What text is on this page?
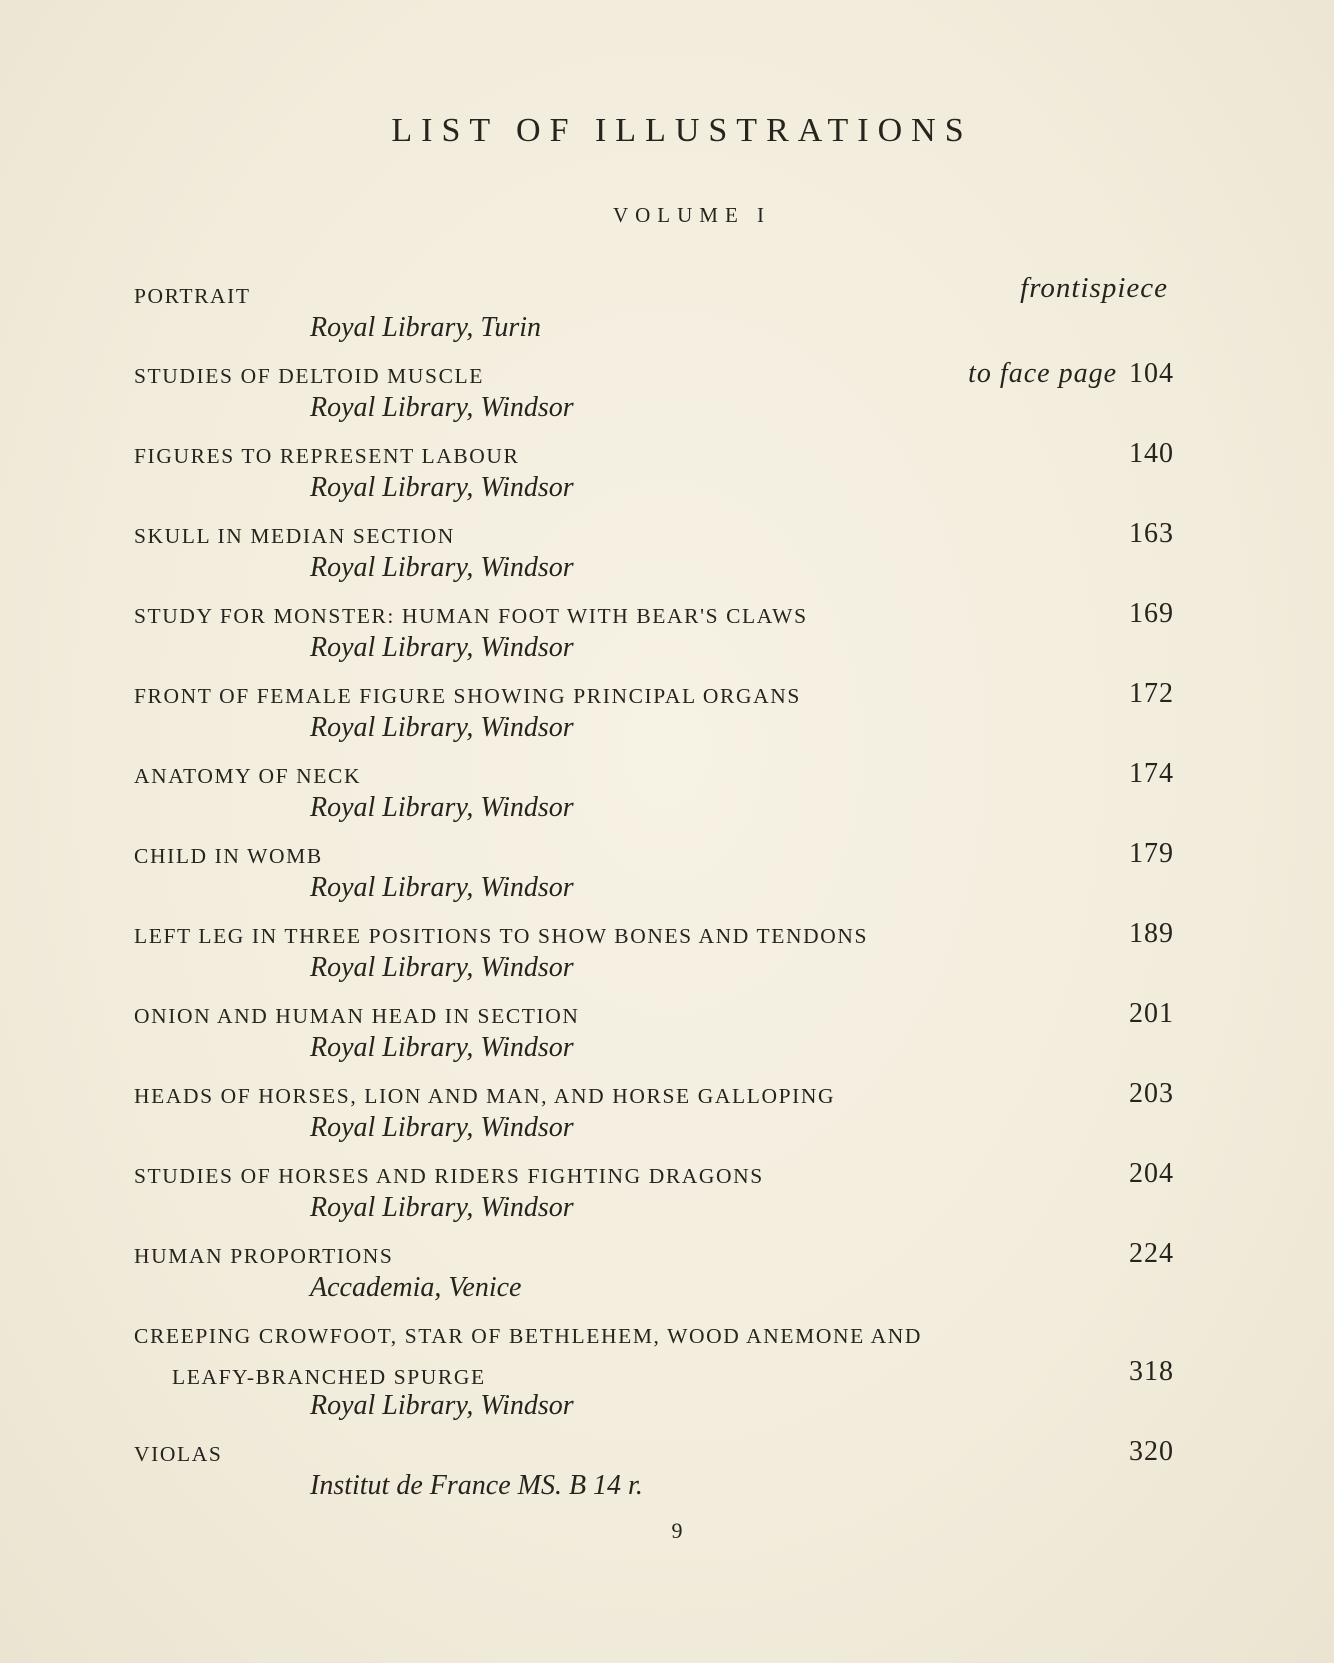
LIST OF ILLUSTRATIONS
VOLUME I
PORTRAIT
Royal Library, Turin
frontispiece
STUDIES OF DELTOID MUSCLE
Royal Library, Windsor
to face page 104
FIGURES TO REPRESENT LABOUR
Royal Library, Windsor
140
SKULL IN MEDIAN SECTION
Royal Library, Windsor
163
STUDY FOR MONSTER: HUMAN FOOT WITH BEAR'S CLAWS
Royal Library, Windsor
169
FRONT OF FEMALE FIGURE SHOWING PRINCIPAL ORGANS
Royal Library, Windsor
172
ANATOMY OF NECK
Royal Library, Windsor
174
CHILD IN WOMB
Royal Library, Windsor
179
LEFT LEG IN THREE POSITIONS TO SHOW BONES AND TENDONS
Royal Library, Windsor
189
ONION AND HUMAN HEAD IN SECTION
Royal Library, Windsor
201
HEADS OF HORSES, LION AND MAN, AND HORSE GALLOPING
Royal Library, Windsor
203
STUDIES OF HORSES AND RIDERS FIGHTING DRAGONS
Royal Library, Windsor
204
HUMAN PROPORTIONS
Accademia, Venice
224
CREEPING CROWFOOT, STAR OF BETHLEHEM, WOOD ANEMONE AND
LEAFY-BRANCHED SPURGE
Royal Library, Windsor
318
VIOLAS
Institut de France MS. B 14 r.
320
9
